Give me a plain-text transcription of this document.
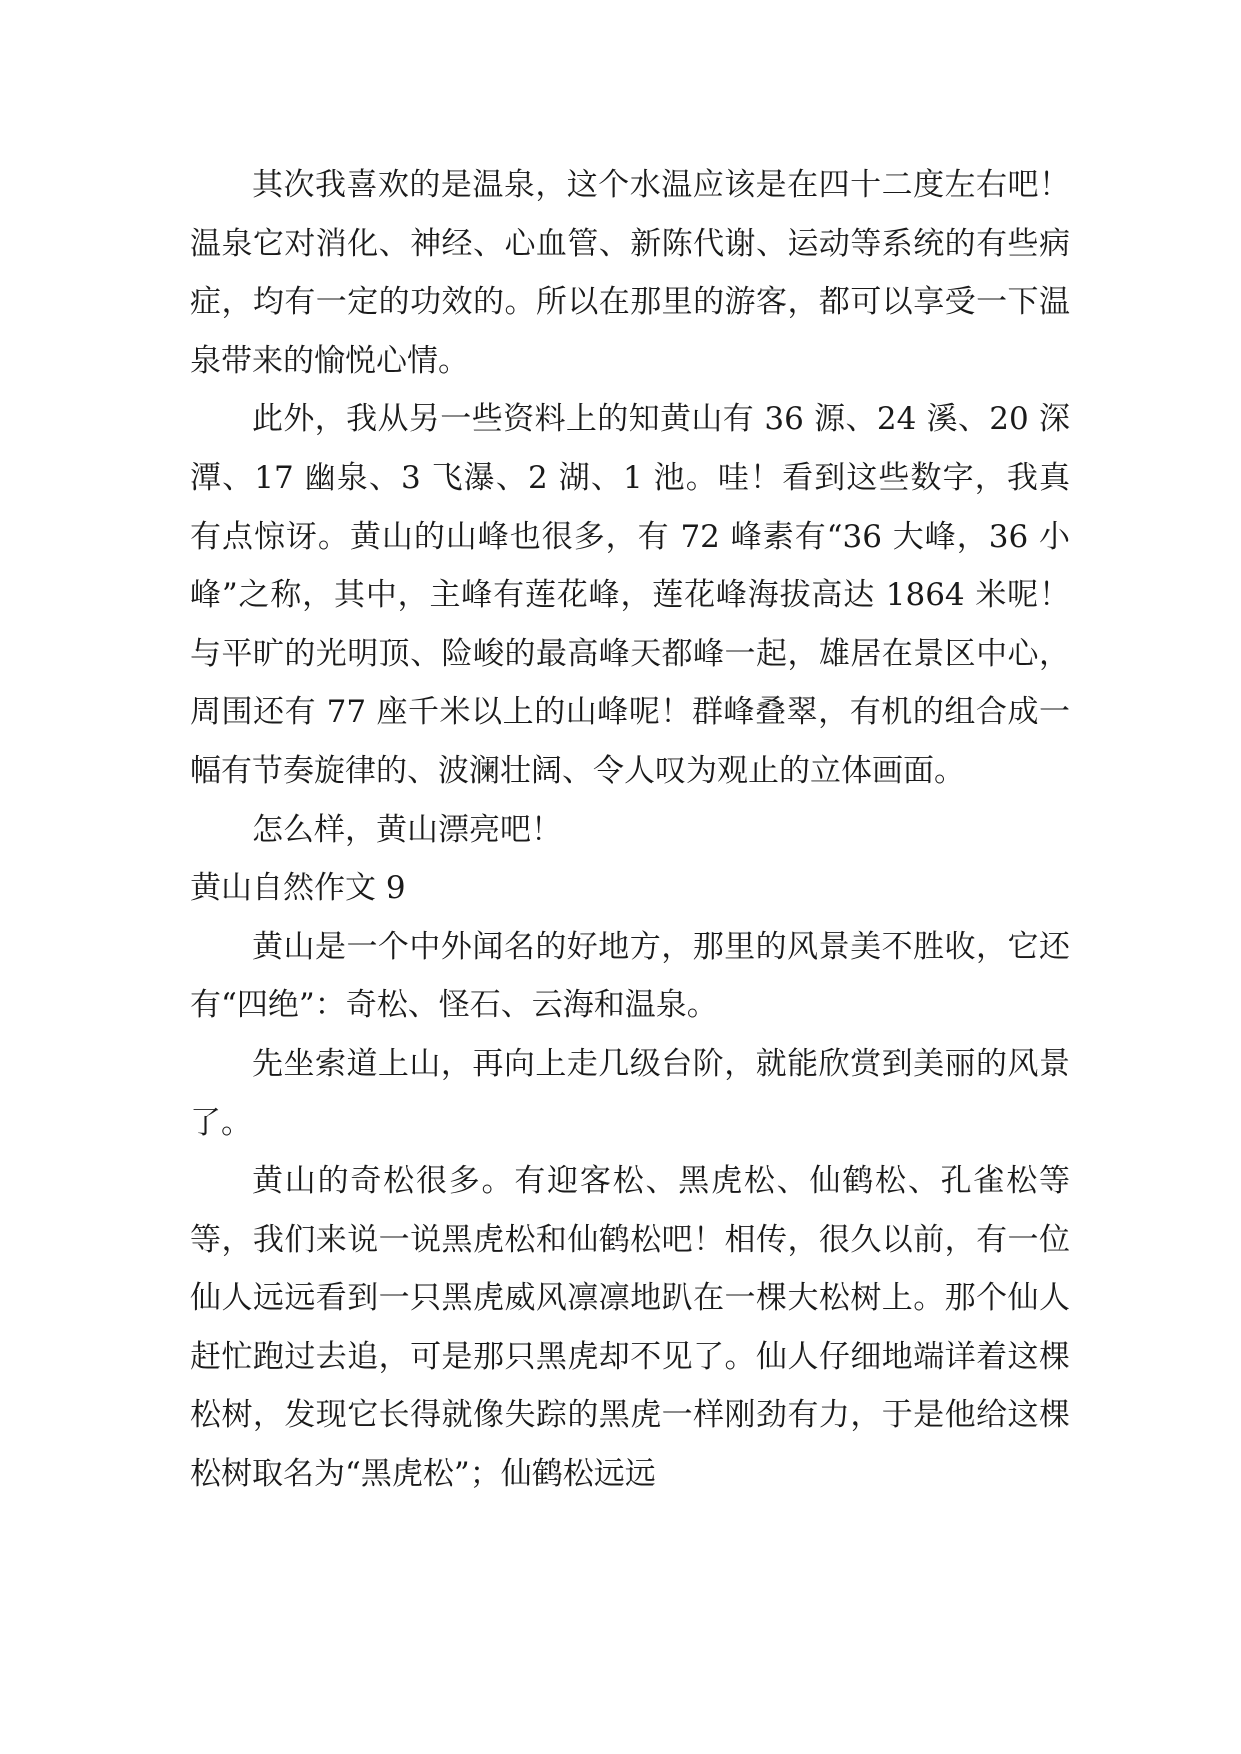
其次我喜欢的是温泉，这个水温应该是在四十二度左右吧！温泉它对消化、神经、心血管、新陈代谢、运动等系统的有些病症，均有一定的功效的。所以在那里的游客，都可以享受一下温泉带来的愉悦心情。

此外，我从另一些资料上的知黄山有 36 源、24 溪、20 深潭、17 幽泉、3 飞瀑、2 湖、1 池。哇！看到这些数字，我真有点惊讶。黄山的山峰也很多，有 72 峰素有“36 大峰，36 小峰”之称，其中，主峰有莲花峰，莲花峰海拔高达 1864 米呢！与平旷的光明顶、险峻的最高峰天都峰一起，雄居在景区中心，周围还有 77 座千米以上的山峰呢！群峰叠翠，有机的组合成一幅有节奏旋律的、波澜壮阔、令人叹为观止的立体画面。

怎么样，黄山漂亮吧！

黄山自然作文 9

黄山是一个中外闻名的好地方，那里的风景美不胜收，它还有“四绝”：奇松、怪石、云海和温泉。

先坐索道上山，再向上走几级台阶，就能欣赏到美丽的风景了。

黄山的奇松很多。有迎客松、黑虎松、仙鹤松、孔雀松等等，我们来说一说黑虎松和仙鹤松吧！相传，很久以前，有一位仙人远远看到一只黑虎威风凛凛地趴在一棵大松树上。那个仙人赶忙跑过去追，可是那只黑虎却不见了。仙人仔细地端详着这棵松树，发现它长得就像失踪的黑虎一样刚劲有力，于是他给这棵松树取名为“黑虎松”；仙鹤松远远
